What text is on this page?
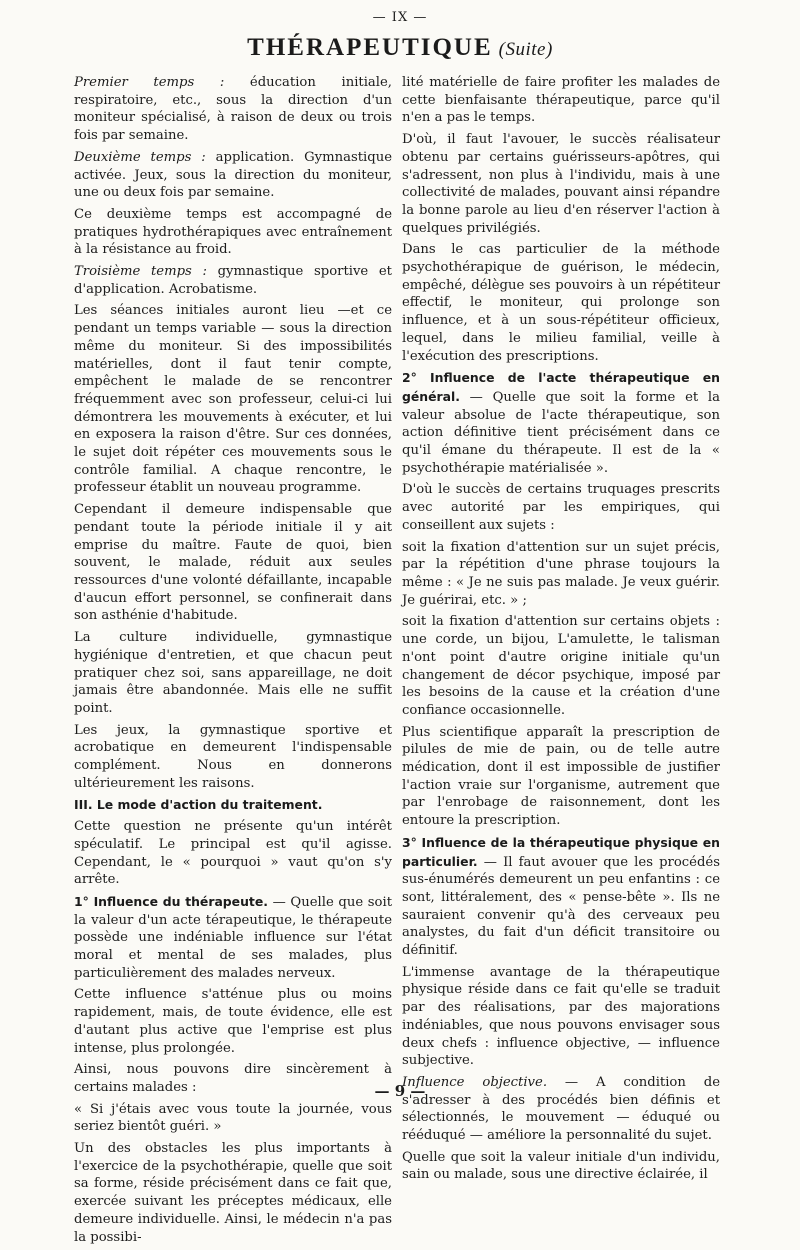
— IX —
THÉRAPEUTIQUE (Suite)

Premier temps : éducation initiale, respiratoire, etc., sous la direction d'un moniteur spécialisé, à raison de deux ou trois fois par semaine.

Deuxième temps : application. Gymnastique activée. Jeux, sous la direction du moniteur, une ou deux fois par semaine.

Ce deuxième temps est accompagné de pratiques hydrothérapiques avec entraînement à la résistance au froid.

Troisième temps : gymnastique sportive et d'application. Acrobatisme.

Les séances initiales auront lieu —et ce pendant un temps variable — sous la direction même du moniteur. Si des impossibilités matérielles, dont il faut tenir compte, empêchent le malade de se rencontrer fréquemment avec son professeur, celui-ci lui démontrera les mouvements à exécuter, et lui en exposera la raison d'être. Sur ces données, le sujet doit répéter ces mouvements sous le contrôle familial. A chaque rencontre, le professeur établit un nouveau programme.

Cependant il demeure indispensable que pendant toute la période initiale il y ait emprise du maître. Faute de quoi, bien souvent, le malade, réduit aux seules ressources d'une volonté défaillante, incapable d'aucun effort personnel, se confinerait dans son asthénie d'habitude.

La culture individuelle, gymnastique hygiénique d'entretien, et que chacun peut pratiquer chez soi, sans appareillage, ne doit jamais être abandonnée. Mais elle ne suffit point.

Les jeux, la gymnastique sportive et acrobatique en demeurent l'indispensable complément. Nous en donnerons ultérieurement les raisons.

III. Le mode d'action du traitement.

Cette question ne présente qu'un intérêt spéculatif. Le principal est qu'il agisse. Cependant, le « pourquoi » vaut qu'on s'y arrête.

1° Influence du thérapeute. — Quelle que soit la valeur d'un acte térapeutique, le thérapeute possède une indéniable influence sur l'état moral et mental de ses malades, plus particulièrement des malades nerveux.

Cette influence s'atténue plus ou moins rapidement, mais, de toute évidence, elle est d'autant plus active que l'emprise est plus intense, plus prolongée.

Ainsi, nous pouvons dire sincèrement à certains malades :

« Si j'étais avec vous toute la journée, vous seriez bientôt guéri. »

Un des obstacles les plus importants à l'exercice de la psychothérapie, quelle que soit sa forme, réside précisément dans ce fait que, exercée suivant les préceptes médicaux, elle demeure individuelle. Ainsi, le médecin n'a pas la possibi-

lité matérielle de faire profiter les malades de cette bienfaisante thérapeutique, parce qu'il n'en a pas le temps.

D'où, il faut l'avouer, le succès réalisateur obtenu par certains guérisseurs-apôtres, qui s'adressent, non plus à l'individu, mais à une collectivité de malades, pouvant ainsi répandre la bonne parole au lieu d'en réserver l'action à quelques privilégiés.

Dans le cas particulier de la méthode psychothérapique de guérison, le médecin, empêché, délègue ses pouvoirs à un répétiteur effectif, le moniteur, qui prolonge son influence, et à un sous-répétiteur officieux, lequel, dans le milieu familial, veille à l'exécution des prescriptions.

2° Influence de l'acte thérapeutique en général. — Quelle que soit la forme et la valeur absolue de l'acte thérapeutique, son action définitive tient précisément dans ce qu'il émane du thérapeute. Il est de la « psychothérapie matérialisée ».

D'où le succès de certains truquages prescrits avec autorité par les empiriques, qui conseillent aux sujets :

soit la fixation d'attention sur un sujet précis, par la répétition d'une phrase toujours la même : « Je ne suis pas malade. Je veux guérir. Je guérirai, etc. » ;

soit la fixation d'attention sur certains objets : une corde, un bijou, L'amulette, le talisman n'ont point d'autre origine initiale qu'un changement de décor psychique, imposé par les besoins de la cause et la création d'une confiance occasionnelle.

Plus scientifique apparaît la prescription de pilules de mie de pain, ou de telle autre médication, dont il est impossible de justifier l'action vraie sur l'organisme, autrement que par l'enrobage de raisonnement, dont les entoure la prescription.

3° Influence de la thérapeutique physique en particulier. — Il faut avouer que les procédés sus-énumérés demeurent un peu enfantins : ce sont, littéralement, des « pense-bête ». Ils ne sauraient convenir qu'à des cerveaux peu analystes, du fait d'un déficit transitoire ou définitif.

L'immense avantage de la thérapeutique physique réside dans ce fait qu'elle se traduit par des réalisations, par des majorations indéniables, que nous pouvons envisager sous deux chefs : influence objective, — influence subjective.

Influence objective. — A condition de s'adresser à des procédés bien définis et sélectionnés, le mouvement — éduqué ou rééduqué — améliore la personnalité du sujet.

Quelle que soit la valeur initiale d'un individu, sain ou malade, sous une directive éclairée, il

— 9 —
